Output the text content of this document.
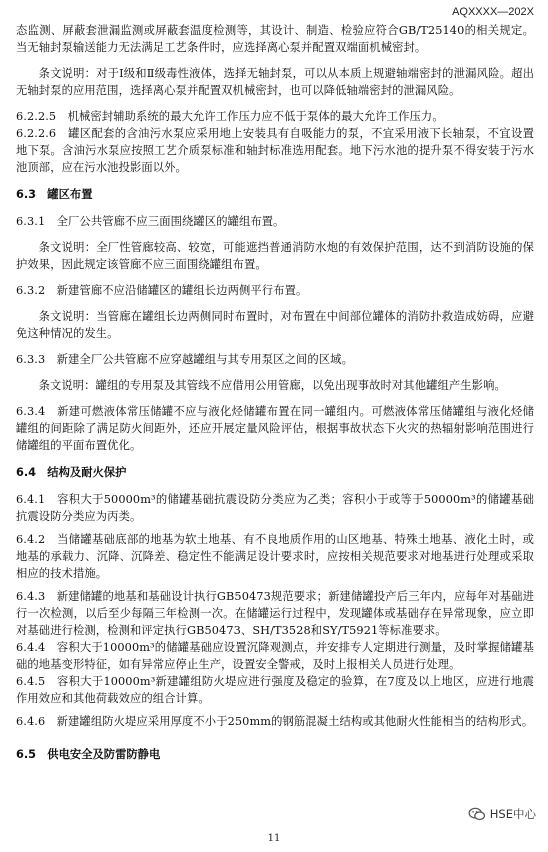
AQXXXX—202X

态监测、屏蔽套泄漏监测或屏蔽套温度检测等，其设计、制造、检验应符合GB/T25140的相关规定。当无轴封泵输送能力无法满足工艺条件时，应选择离心泵并配置双端面机械密封。

条文说明：对于Ⅰ级和Ⅱ级毒性液体，选择无轴封泵，可以从本质上规避轴端密封的泄漏风险。超出无轴封泵的应用范围，选择离心泵并配置双机械密封，也可以降低轴端密封的泄漏风险。

6.2.2.5　机械密封辅助系统的最大允许工作压力应不低于泵体的最大允许工作压力。

6.2.2.6　罐区配套的含油污水泵应采用地上安装具有自吸能力的泵，不宜采用液下长轴泵，不宜设置地下泵。含油污水泵应按照工艺介质泵标准和轴封标准选用配套。地下污水池的提升泵不得安装于污水池顶部，应在污水池投影面以外。

6.3　罐区布置

6.3.1　全厂公共管廊不应三面围绕罐区的罐组布置。

条文说明：全厂性管廊较高、较宽，可能遮挡普通消防水炮的有效保护范围，达不到消防设施的保护效果，因此规定该管廊不应三面围绕罐组布置。

6.3.2　新建管廊不应沿储罐区的罐组长边两侧平行布置。

条文说明：当管廊在罐组长边两侧同时布置时，对布置在中间部位罐体的消防扑救造成妨碍，应避免这种情况的发生。

6.3.3　新建全厂公共管廊不应穿越罐组与其专用泵区之间的区域。

条文说明：罐组的专用泵及其管线不应借用公用管廊，以免出现事故时对其他罐组产生影响。

6.3.4　新建可燃液体常压储罐不应与液化烃储罐布置在同一罐组内。可燃液体常压储罐组与液化烃储罐组的间距除了满足防火间距外，还应开展定量风险评估，根据事故状态下火灾的热辐射影响范围进行储罐组的平面布置优化。

6.4　结构及耐火保护

6.4.1　容积大于50000m³的储罐基础抗震设防分类应为乙类；容积小于或等于50000m³的储罐基础抗震设防分类应为丙类。

6.4.2　当储罐基础底部的地基为软土地基、有不良地质作用的山区地基、特殊土地基、液化土时，或地基的承载力、沉降、沉降差、稳定性不能满足设计要求时，应按相关规范要求对地基进行处理或采取相应的技术措施。

6.4.3　新建储罐的地基和基础设计执行GB50473规范要求；新建储罐投产后三年内，应每年对基础进行一次检测，以后至少每隔三年检测一次。在储罐运行过程中，发现罐体或基础存在异常现象，应立即对基础进行检测，检测和评定执行GB50473、SH/T3528和SY/T5921等标准要求。

6.4.4　容积大于10000m³的储罐基础应设置沉降观测点，并安排专人定期进行测量，及时掌握储罐基础的地基变形特征，如有异常应停止生产，设置安全警戒，及时上报相关人员进行处理。

6.4.5　容积大于10000m³新建罐组防火堤应进行强度及稳定的验算，在7度及以上地区，应进行地震作用效应和其他荷载效应的组合计算。

6.4.6　新建罐组防火堤应采用厚度不小于250mm的钢筋混凝土结构或其他耐火性能相当的结构形式。

6.5　供电安全及防雷防静电

HSE中心
11
